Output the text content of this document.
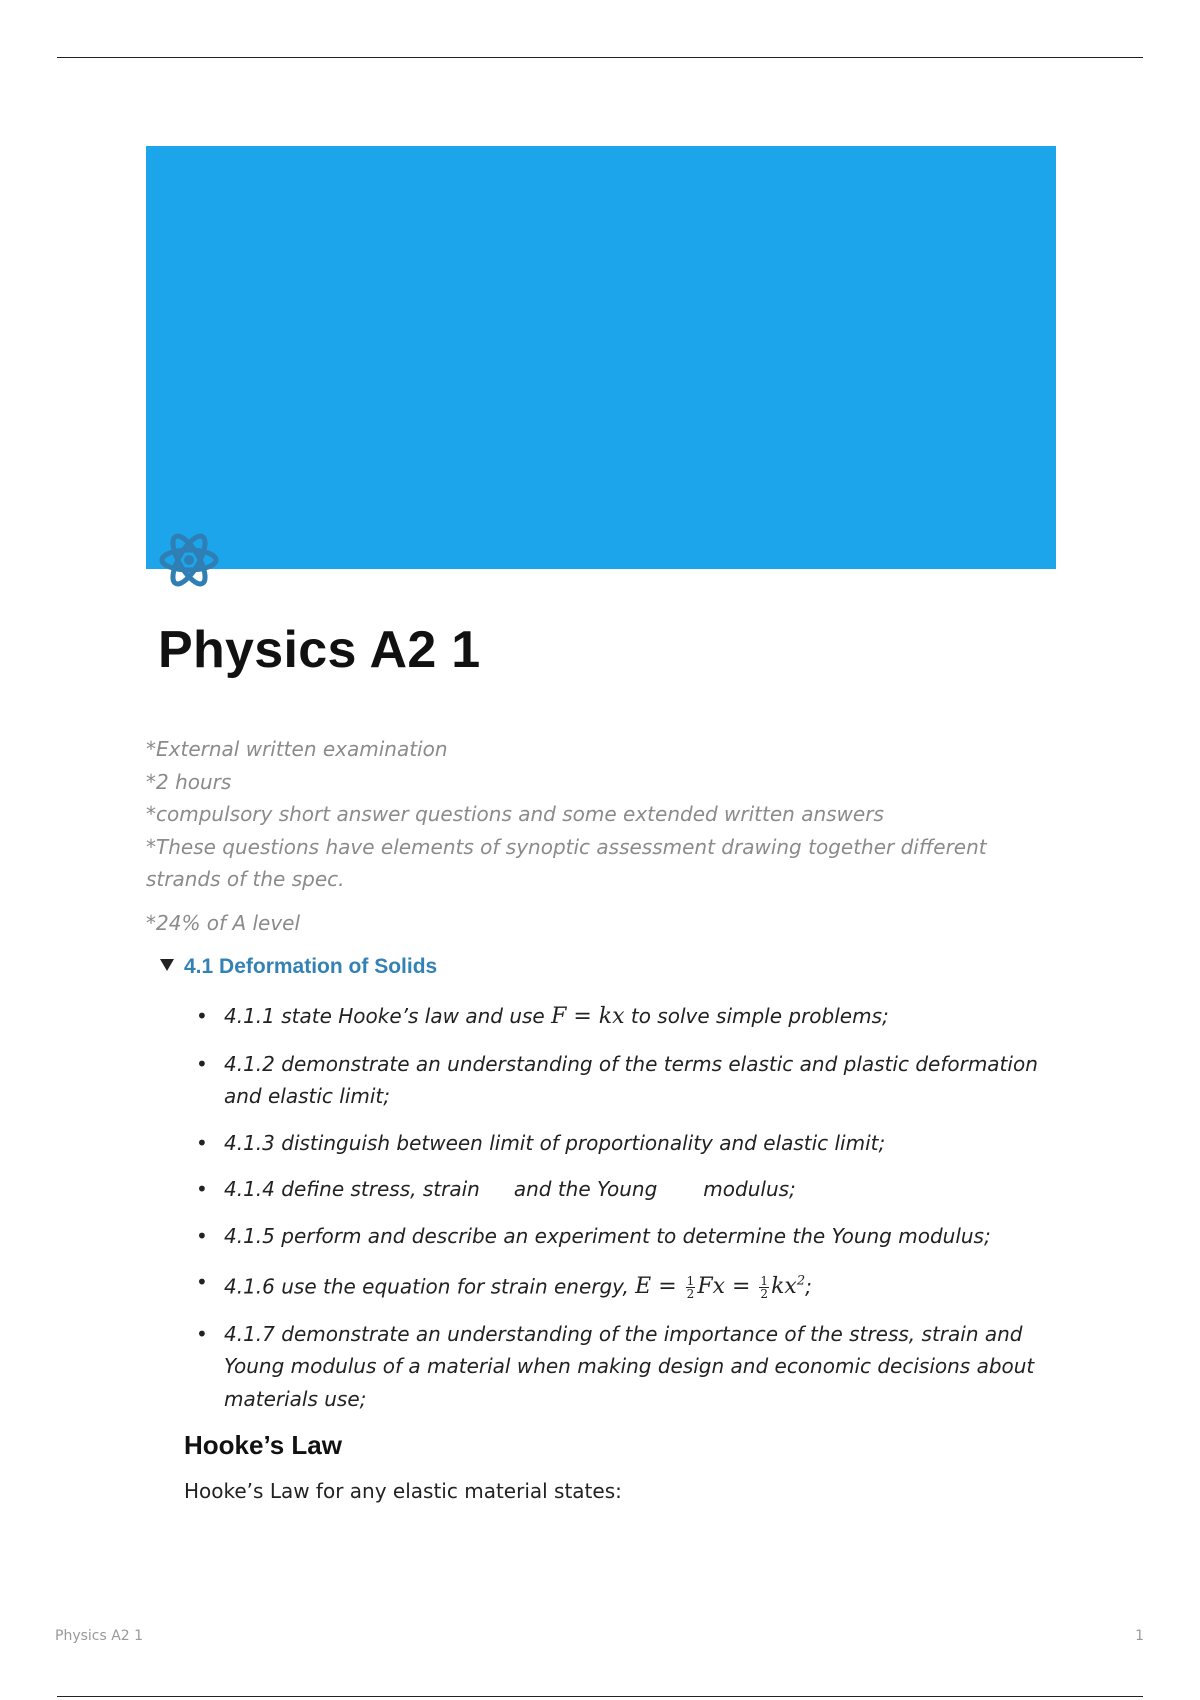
Physics A2 1

*External written examination

*2 hours

*compulsory short answer questions and some extended written answers

*These questions have elements of synoptic assessment drawing together different strands of the spec.

*24% of A level

4.1 Deformation of Solids
• 4.1.1 state Hooke’s law and use F = kx to solve simple problems;
• 4.1.2 demonstrate an understanding of the terms elastic and plastic deformation and elastic limit;
• 4.1.3 distinguish between limit of proportionality and elastic limit;
• 4.1.4 define stress, strain and the Young modulus;
• 4.1.5 perform and describe an experiment to determine the Young modulus;
• 4.1.6 use the equation for strain energy, $E = \frac{1}{2}$ $Fx = \frac{1}{2} kx^2$;
• 4.1.7 demonstrate an understanding of the importance of the stress, strain and Young modulus of a material when making design and economic decisions about materials use;
Hooke’s Law

Hooke’s Law for any elastic material states:

Physics A2 1	1
